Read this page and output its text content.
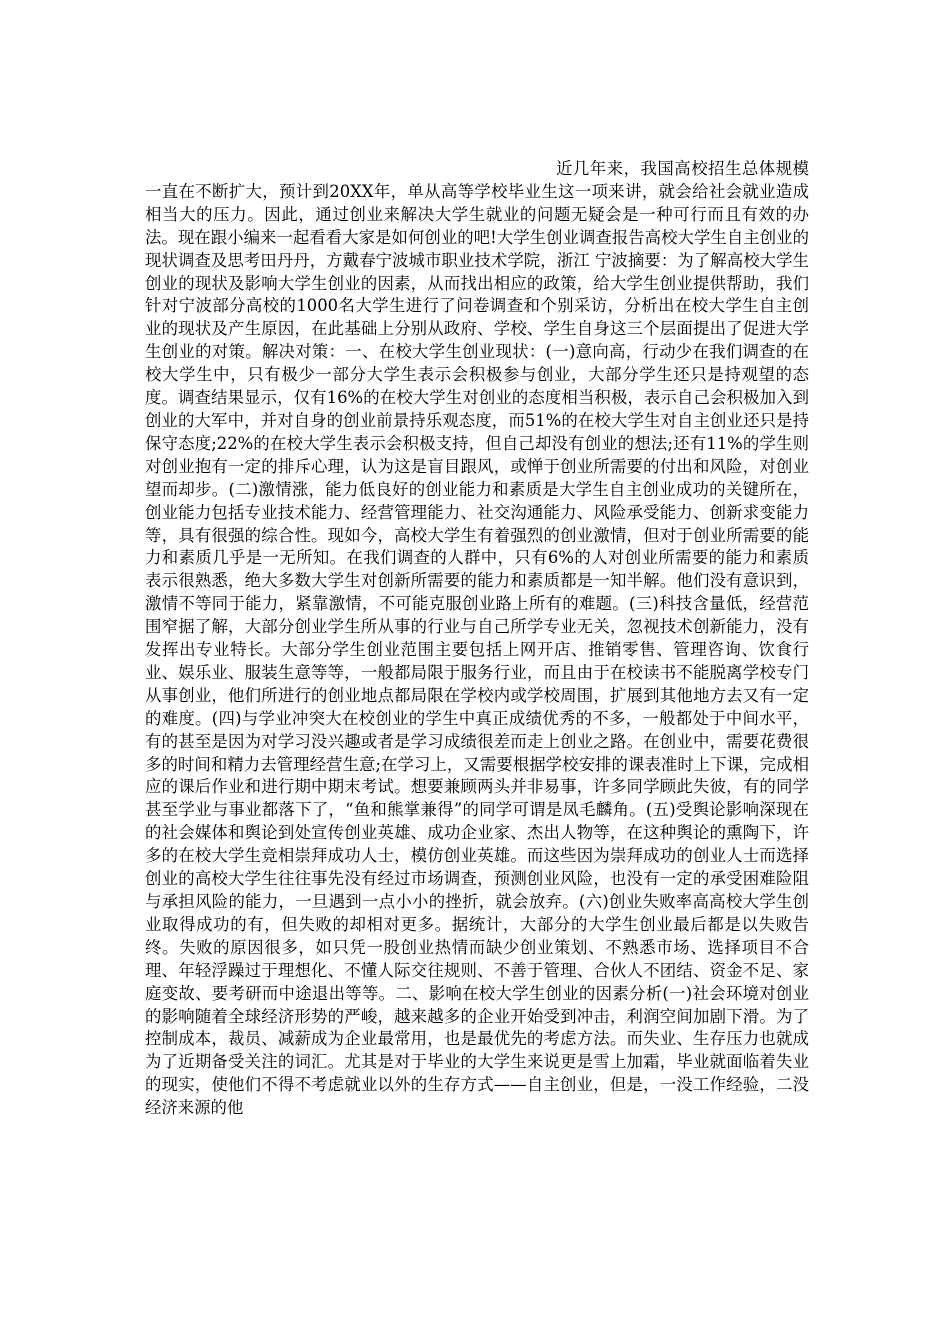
近几年来，我国高校招生总体规模一直在不断扩大，预计到20XX年，单从高等学校毕业生这一项来讲，就会给社会就业造成相当大的压力。因此，通过创业来解决大学生就业的问题无疑会是一种可行而且有效的办法。现在跟小编来一起看看大家是如何创业的吧!大学生创业调查报告高校大学生自主创业的现状调查及思考田丹丹，方戴春宁波城市职业技术学院，浙江 宁波摘要：为了解高校大学生创业的现状及影响大学生创业的因素，从而找出相应的政策，给大学生创业提供帮助，我们针对宁波部分高校的1000名大学生进行了问卷调查和个别采访，分析出在校大学生自主创业的现状及产生原因，在此基础上分别从政府、学校、学生自身这三个层面提出了促进大学生创业的对策。解决对策：一、在校大学生创业现状：(一)意向高，行动少在我们调查的在校大学生中，只有极少一部分大学生表示会积极参与创业，大部分学生还只是持观望的态度。调查结果显示，仅有16%的在校大学生对创业的态度相当积极，表示自己会积极加入到创业的大军中，并对自身的创业前景持乐观态度，而51%的在校大学生对自主创业还只是持保守态度;22%的在校大学生表示会积极支持，但自己却没有创业的想法;还有11%的学生则对创业抱有一定的排斥心理，认为这是盲目跟风，或惮于创业所需要的付出和风险，对创业望而却步。(二)激情涨，能力低良好的创业能力和素质是大学生自主创业成功的关键所在，创业能力包括专业技术能力、经营管理能力、社交沟通能力、风险承受能力、创新求变能力等，具有很强的综合性。现如今，高校大学生有着强烈的创业激情，但对于创业所需要的能力和素质几乎是一无所知。在我们调查的人群中，只有6%的人对创业所需要的能力和素质表示很熟悉，绝大多数大学生对创新所需要的能力和素质都是一知半解。他们没有意识到，激情不等同于能力，紧靠激情，不可能克服创业路上所有的难题。(三)科技含量低，经营范围窄据了解，大部分创业学生所从事的行业与自己所学专业无关，忽视技术创新能力，没有发挥出专业特长。大部分学生创业范围主要包括上网开店、推销零售、管理咨询、饮食行业、娱乐业、服装生意等等，一般都局限于服务行业，而且由于在校读书不能脱离学校专门从事创业，他们所进行的创业地点都局限在学校内或学校周围，扩展到其他地方去又有一定的难度。(四)与学业冲突大在校创业的学生中真正成绩优秀的不多，一般都处于中间水平，有的甚至是因为对学习没兴趣或者是学习成绩很差而走上创业之路。在创业中，需要花费很多的时间和精力去管理经营生意;在学习上，又需要根据学校安排的课表准时上下课，完成相应的课后作业和进行期中期末考试。想要兼顾两头并非易事，许多同学顾此失彼，有的同学甚至学业与事业都落下了，“鱼和熊掌兼得”的同学可谓是凤毛麟角。(五)受舆论影响深现在的社会媒体和舆论到处宣传创业英雄、成功企业家、杰出人物等，在这种舆论的熏陶下，许多的在校大学生竞相崇拜成功人士，模仿创业英雄。而这些因为崇拜成功的创业人士而选择创业的高校大学生往往事先没有经过市场调查，预测创业风险，也没有一定的承受困难险阻与承担风险的能力，一旦遇到一点小小的挫折，就会放弃。(六)创业失败率高高校大学生创业取得成功的有，但失败的却相对更多。据统计，大部分的大学生创业最后都是以失败告终。失败的原因很多，如只凭一股创业热情而缺少创业策划、不熟悉市场、选择项目不合理、年轻浮躁过于理想化、不懂人际交往规则、不善于管理、合伙人不团结、资金不足、家庭变故、要考研而中途退出等等。二、影响在校大学生创业的因素分析(一)社会环境对创业的影响随着全球经济形势的严峻，越来越多的企业开始受到冲击，利润空间加剧下滑。为了控制成本，裁员、减薪成为企业最常用，也是最优先的考虑方法。而失业、生存压力也就成为了近期备受关注的词汇。尤其是对于毕业的大学生来说更是雪上加霜，毕业就面临着失业的现实，使他们不得不考虑就业以外的生存方式——自主创业，但是，一没工作经验，二没经济来源的他
